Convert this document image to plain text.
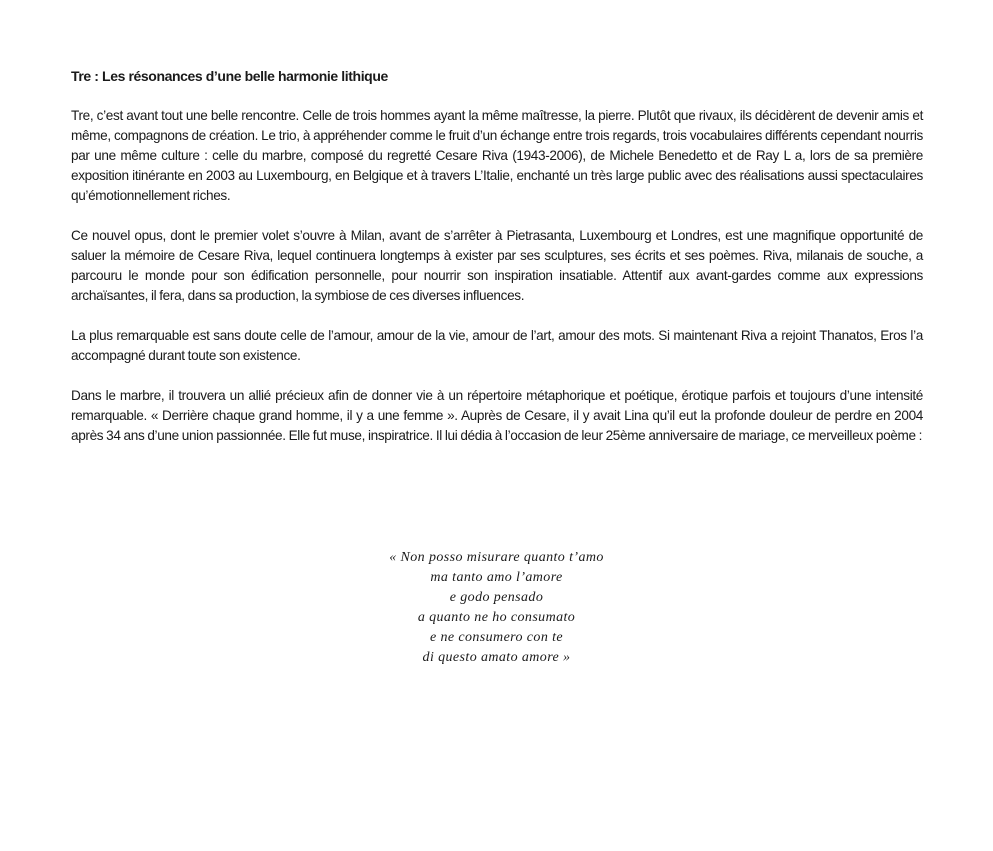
Tre : Les résonances d’une belle harmonie lithique

Tre, c’est avant tout une belle rencontre. Celle de trois hommes ayant la même maîtresse, la pierre. Plutôt que rivaux, ils décidèrent de devenir amis et même, compagnons de création. Le trio, à appréhender comme le fruit d’un échange entre trois regards, trois vocabulaires différents cependant nourris par une même culture : celle du marbre, composé du regretté Cesare Riva (1943-2006), de Michele Benedetto et de Ray L a, lors de sa première exposition itinérante en 2003 au Luxembourg, en Belgique et à travers L’Italie, enchanté un très large public avec des réalisations aussi spectaculaires qu’émotionnellement riches.

Ce nouvel opus, dont le premier volet s’ouvre à Milan, avant de s’arrêter à Pietrasanta, Luxembourg et Londres, est une magnifique opportunité de saluer la mémoire de Cesare Riva, lequel continuera longtemps à exister par ses sculptures, ses écrits et ses poèmes. Riva, milanais de souche, a parcouru le monde pour son édification personnelle, pour nourrir son inspiration insatiable. Attentif aux avant-gardes comme aux expressions archaïsantes, il fera, dans sa production, la symbiose de ces diverses influences.

La plus remarquable est sans doute celle de l’amour, amour de la vie, amour de l’art, amour des mots. Si maintenant Riva a rejoint Thanatos, Eros l’a accompagné durant toute son existence.

Dans le marbre, il trouvera un allié précieux afin de donner vie à un répertoire métaphorique et poétique, érotique parfois et toujours d’une intensité remarquable. « Derrière chaque grand homme, il y a une femme ». Auprès de Cesare, il y avait Lina qu’il eut la profonde douleur de perdre en 2004 après 34 ans d’une union passionnée. Elle fut muse, inspiratrice. Il lui dédia à l’occasion de leur 25ème anniversaire de mariage, ce merveilleux poème :

« Non posso misurare quanto t’amo
ma tanto amo l’amore
e godo pensado
a quanto ne ho consumato
e ne consumero con te
di questo amato amore »
